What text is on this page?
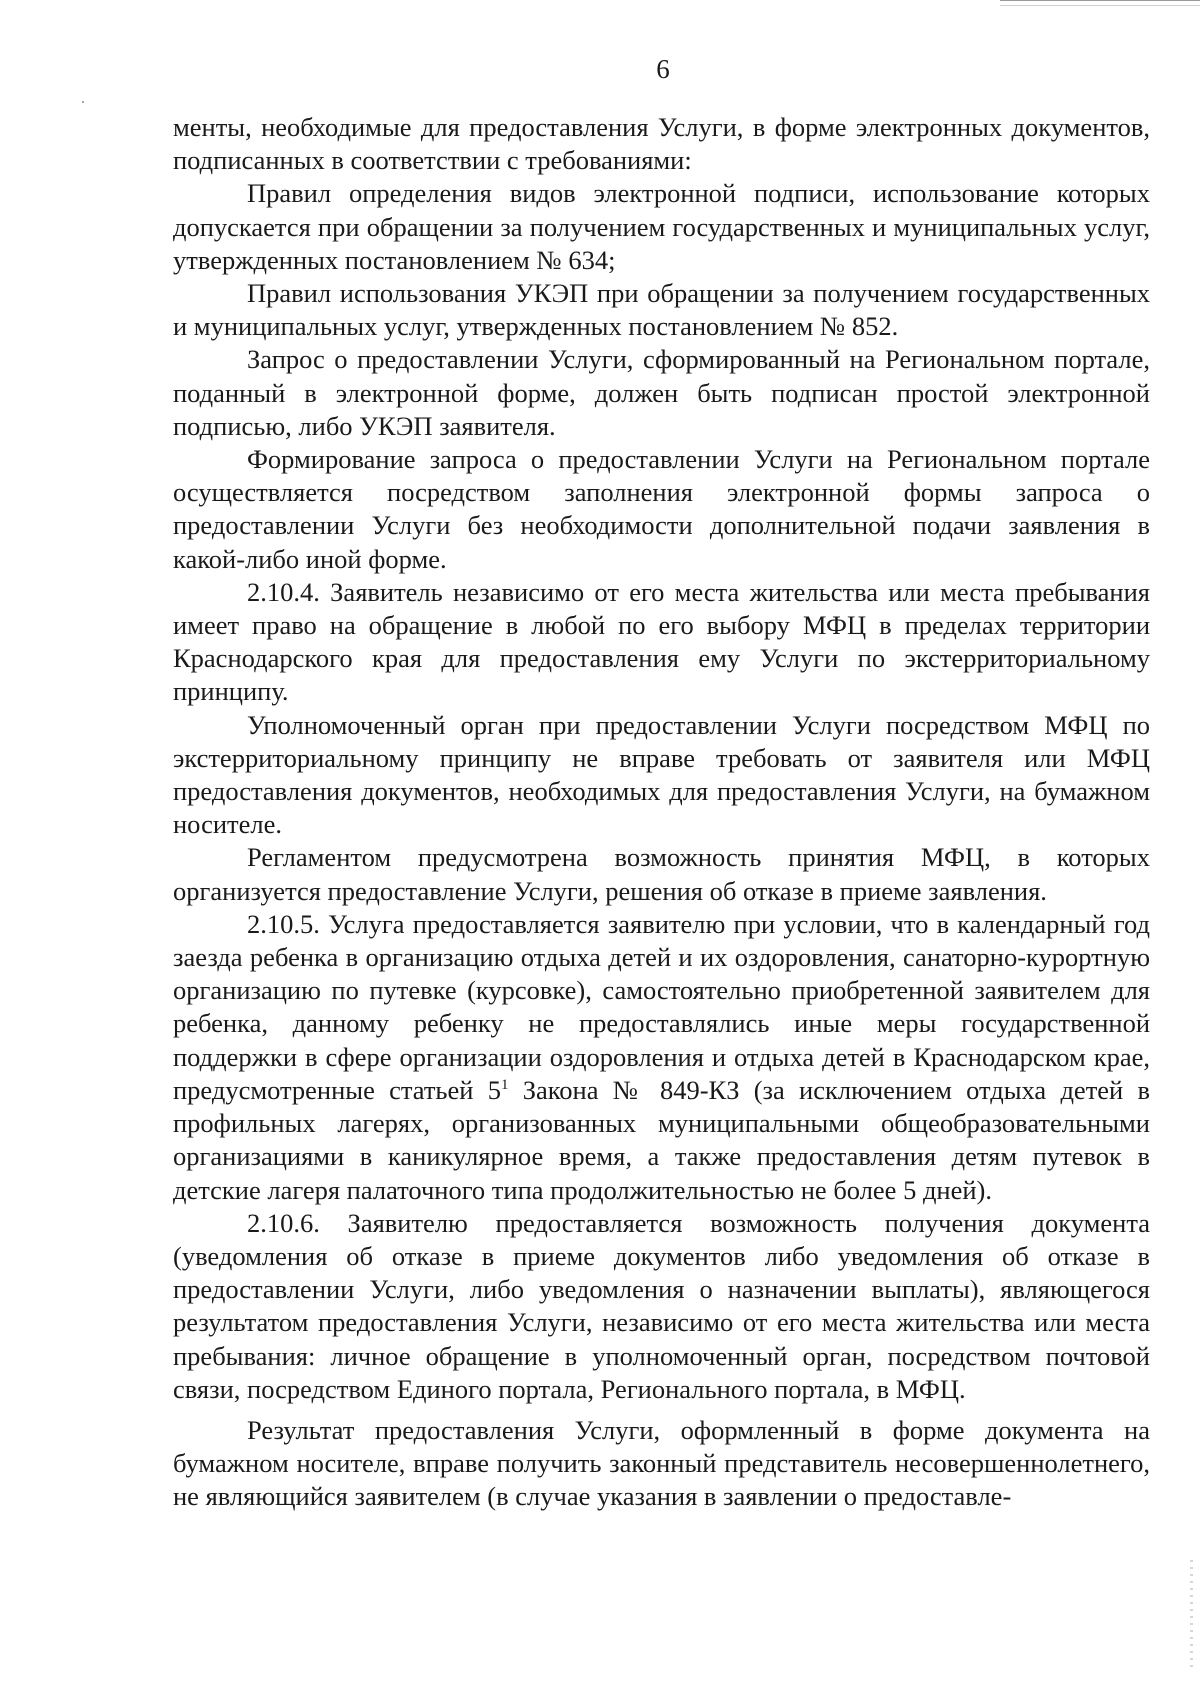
6

менты, необходимые для предоставления Услуги, в форме электронных документов, подписанных в соответствии с требованиями:

Правил определения видов электронной подписи, использование которых допускается при обращении за получением государственных и муниципальных услуг, утвержденных постановлением № 634;

Правил использования УКЭП при обращении за получением государственных и муниципальных услуг, утвержденных постановлением № 852.

Запрос о предоставлении Услуги, сформированный на Региональном портале, поданный в электронной форме, должен быть подписан простой электронной подписью, либо УКЭП заявителя.

Формирование запроса о предоставлении Услуги на Региональном портале осуществляется посредством заполнения электронной формы запроса о предоставлении Услуги без необходимости дополнительной подачи заявления в какой-либо иной форме.

2.10.4. Заявитель независимо от его места жительства или места пребывания имеет право на обращение в любой по его выбору МФЦ в пределах территории Краснодарского края для предоставления ему Услуги по экстерриториальному принципу.

Уполномоченный орган при предоставлении Услуги посредством МФЦ по экстерриториальному принципу не вправе требовать от заявителя или МФЦ предоставления документов, необходимых для предоставления Услуги, на бумажном носителе.

Регламентом предусмотрена возможность принятия МФЦ, в которых организуется предоставление Услуги, решения об отказе в приеме заявления.

2.10.5. Услуга предоставляется заявителю при условии, что в календарный год заезда ребенка в организацию отдыха детей и их оздоровления, санаторно-курортную организацию по путевке (курсовке), самостоятельно приобретенной заявителем для ребенка, данному ребенку не предоставлялись иные меры государственной поддержки в сфере организации оздоровления и отдыха детей в Краснодарском крае, предусмотренные статьей $5^1$ Закона № 849-КЗ (за исключением отдыха детей в профильных лагерях, организованных муниципальными общеобразовательными организациями в каникулярное время, а также предоставления детям путевок в детские лагеря палаточного типа продолжительностью не более 5 дней).

2.10.6. Заявителю предоставляется возможность получения документа (уведомления об отказе в приеме документов либо уведомления об отказе в предоставлении Услуги, либо уведомления о назначении выплаты), являющегося результатом предоставления Услуги, независимо от его места жительства или места пребывания: личное обращение в уполномоченный орган, посредством почтовой связи, посредством Единого портала, Регионального портала, в МФЦ.

Результат предоставления Услуги, оформленный в форме документа на бумажном носителе, вправе получить законный представитель несовершеннолетнего, не являющийся заявителем (в случае указания в заявлении о предоставле-
